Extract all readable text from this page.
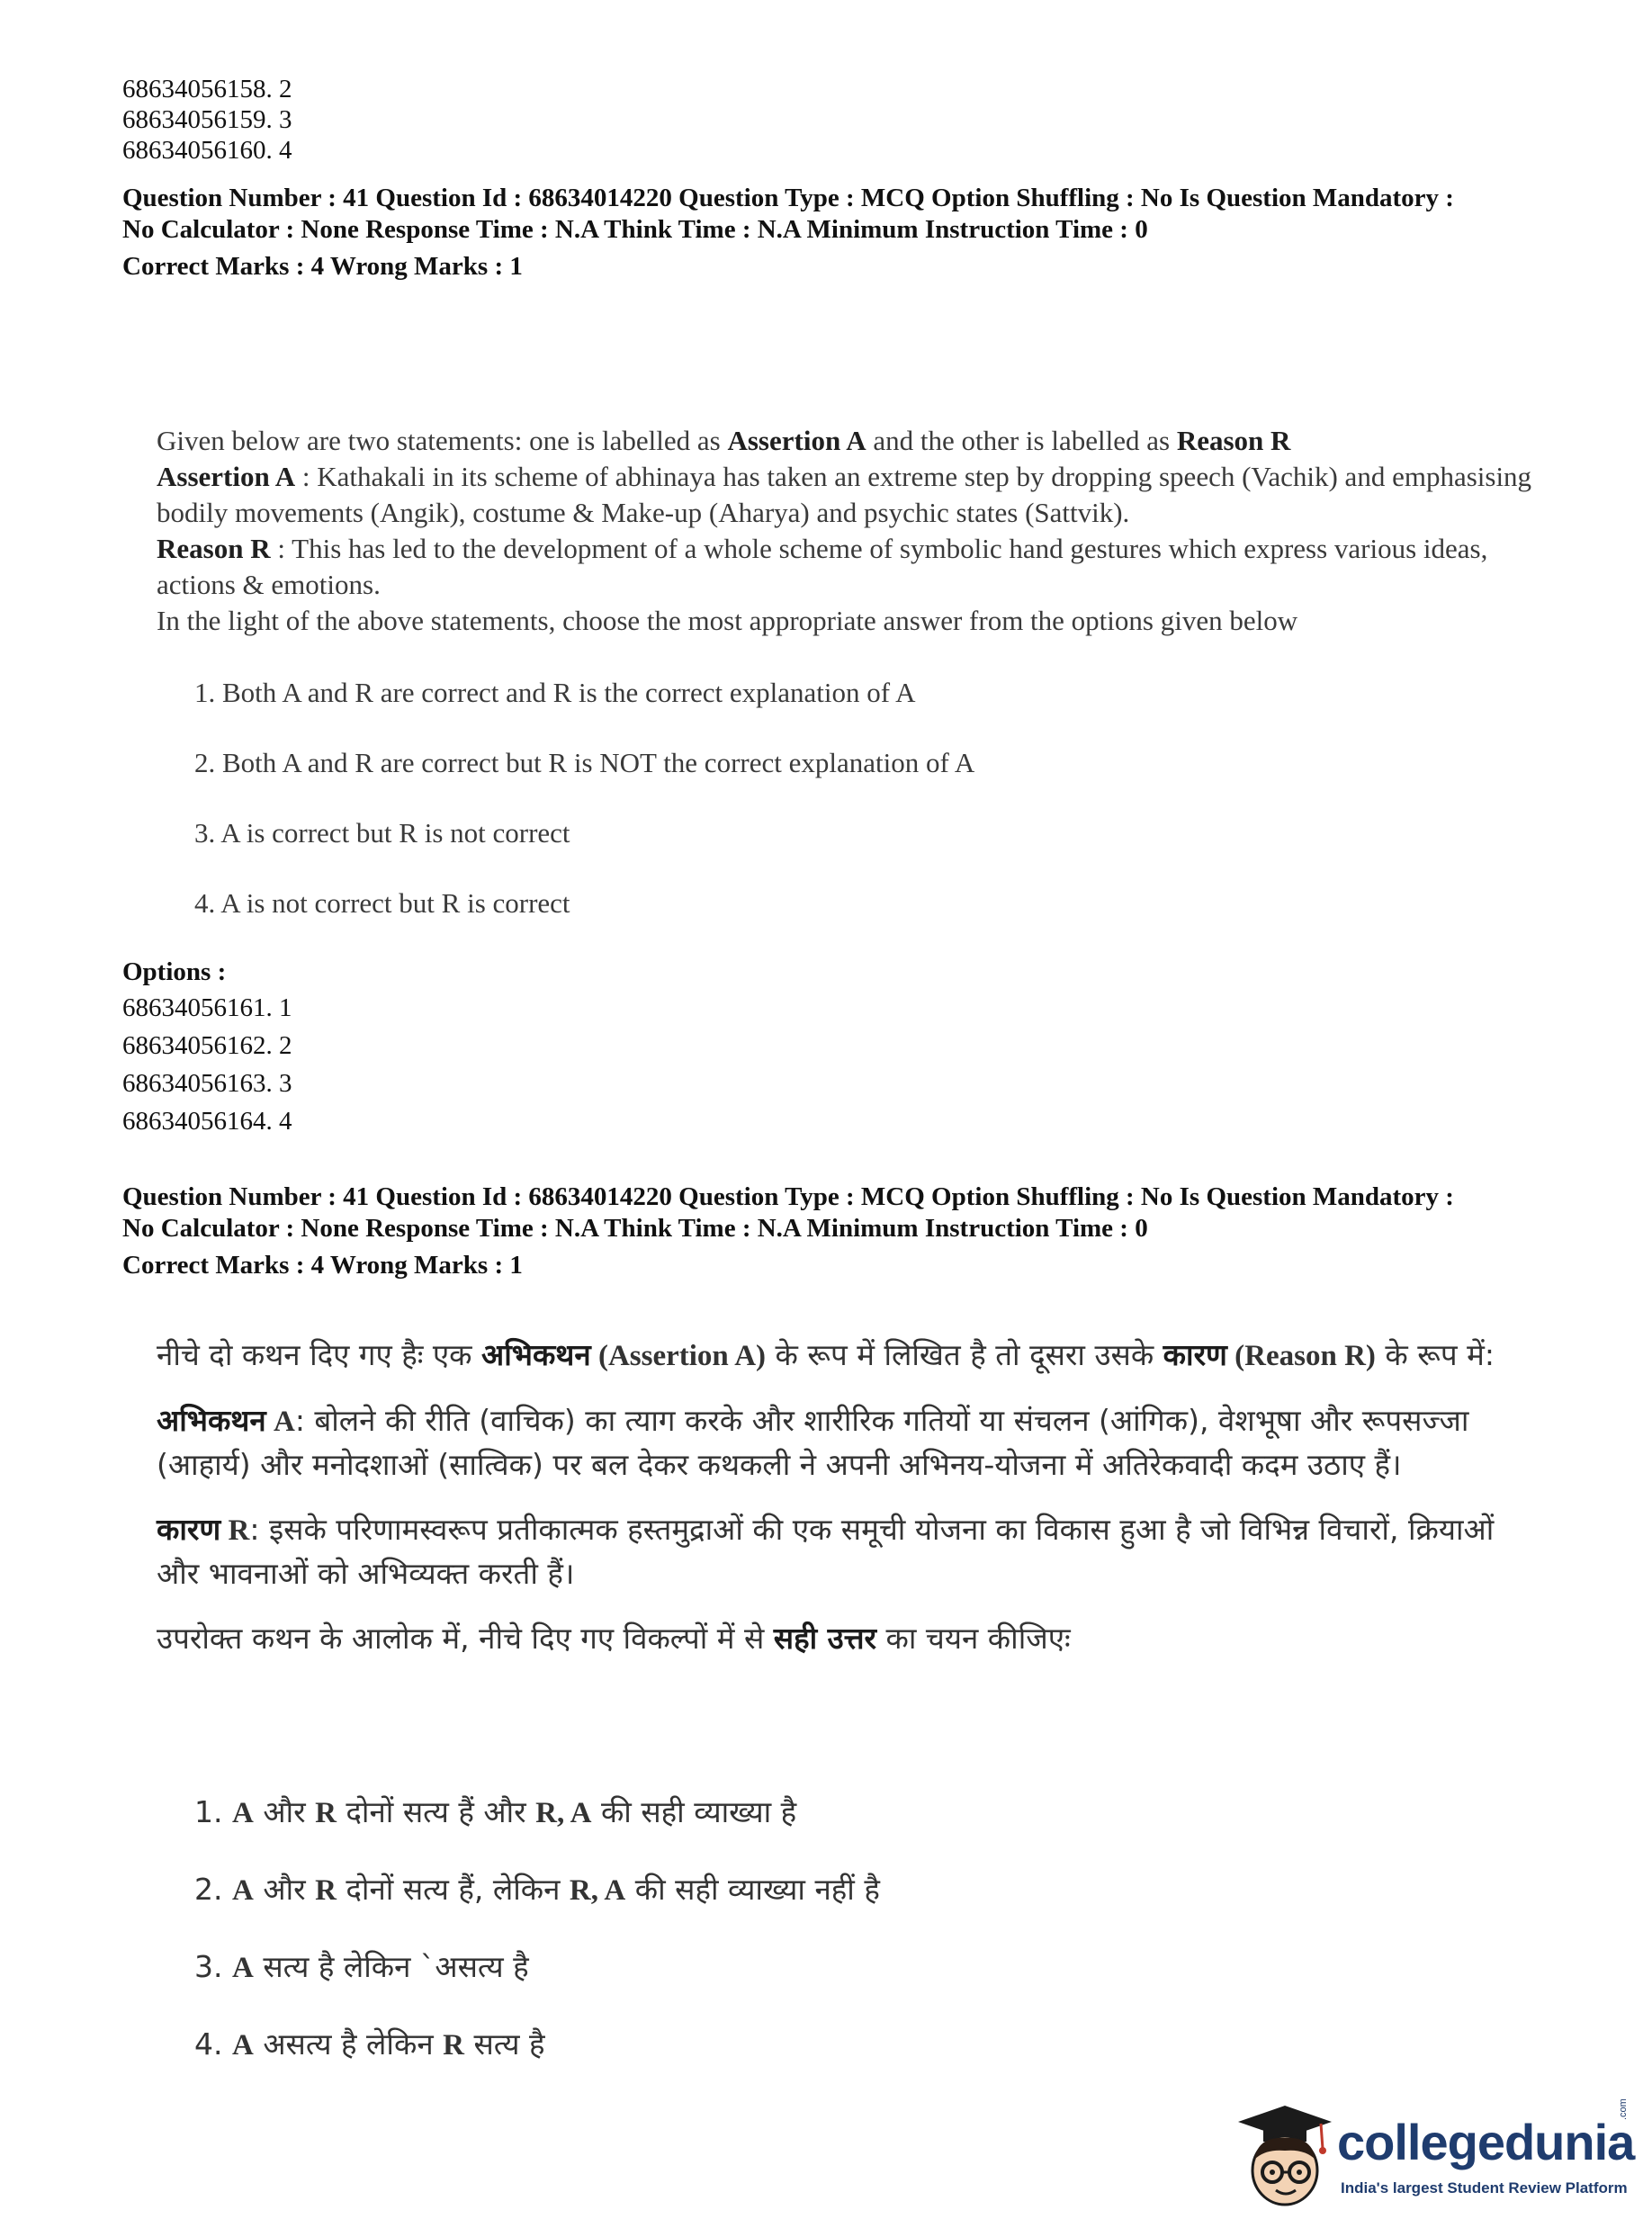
68634056158. 2
68634056159. 3
68634056160. 4
Question Number : 41 Question Id : 68634014220 Question Type : MCQ Option Shuffling : No Is Question Mandatory :
No Calculator : None Response Time : N.A Think Time : N.A Minimum Instruction Time : 0
Correct Marks : 4 Wrong Marks : 1

Given below are two statements: one is labelled as Assertion A and the other is labelled as Reason R

Assertion A : Kathakali in its scheme of abhinaya has taken an extreme step by dropping speech (Vachik) and emphasising bodily movements (Angik), costume & Make-up (Aharya) and psychic states (Sattvik).

Reason R : This has led to the development of a whole scheme of symbolic hand gestures which express various ideas, actions & emotions.

In the light of the above statements, choose the most appropriate answer from the options given below

1. Both A and R are correct and R is the correct explanation of A
2. Both A and R are correct but R is NOT the correct explanation of A
3. A is correct but R is not correct
4. A is not correct but R is correct
Options :
68634056161. 1
68634056162. 2
68634056163. 3
68634056164. 4
Question Number : 41 Question Id : 68634014220 Question Type : MCQ Option Shuffling : No Is Question Mandatory :
No Calculator : None Response Time : N.A Think Time : N.A Minimum Instruction Time : 0
Correct Marks : 4 Wrong Marks : 1

नीचे दो कथन दिए गए हैः एक अभिकथन (Assertion A) के रूप में लिखित है तो दूसरा उसके कारण (Reason R) के रूप में:

अभिकथन A: बोलने की रीति (वाचिक) का त्याग करके और शारीरिक गतियों या संचलन (आंगिक), वेशभूषा और रूपसज्जा (आहार्य) और मनोदशाओं (सात्विक) पर बल देकर कथकली ने अपनी अभिनय-योजना में अतिरेकवादी कदम उठाए हैं।

कारण R: इसके परिणामस्वरूप प्रतीकात्मक हस्तमुद्राओं की एक समूची योजना का विकास हुआ है जो विभिन्न विचारों, क्रियाओं और भावनाओं को अभिव्यक्त करती हैं।

उपरोक्त कथन के आलोक में, नीचे दिए गए विकल्पों में से सही उत्तर का चयन कीजिएः

1. A और R दोनों सत्य हैं और R, A की सही व्याख्या है
2. A और R दोनों सत्य हैं, लेकिन R, A की सही व्याख्या नहीं है
3. A सत्य है लेकिन `असत्य है
4. A असत्य है लेकिन R सत्य है
collegedunia
.com
India's largest Student Review Platform
